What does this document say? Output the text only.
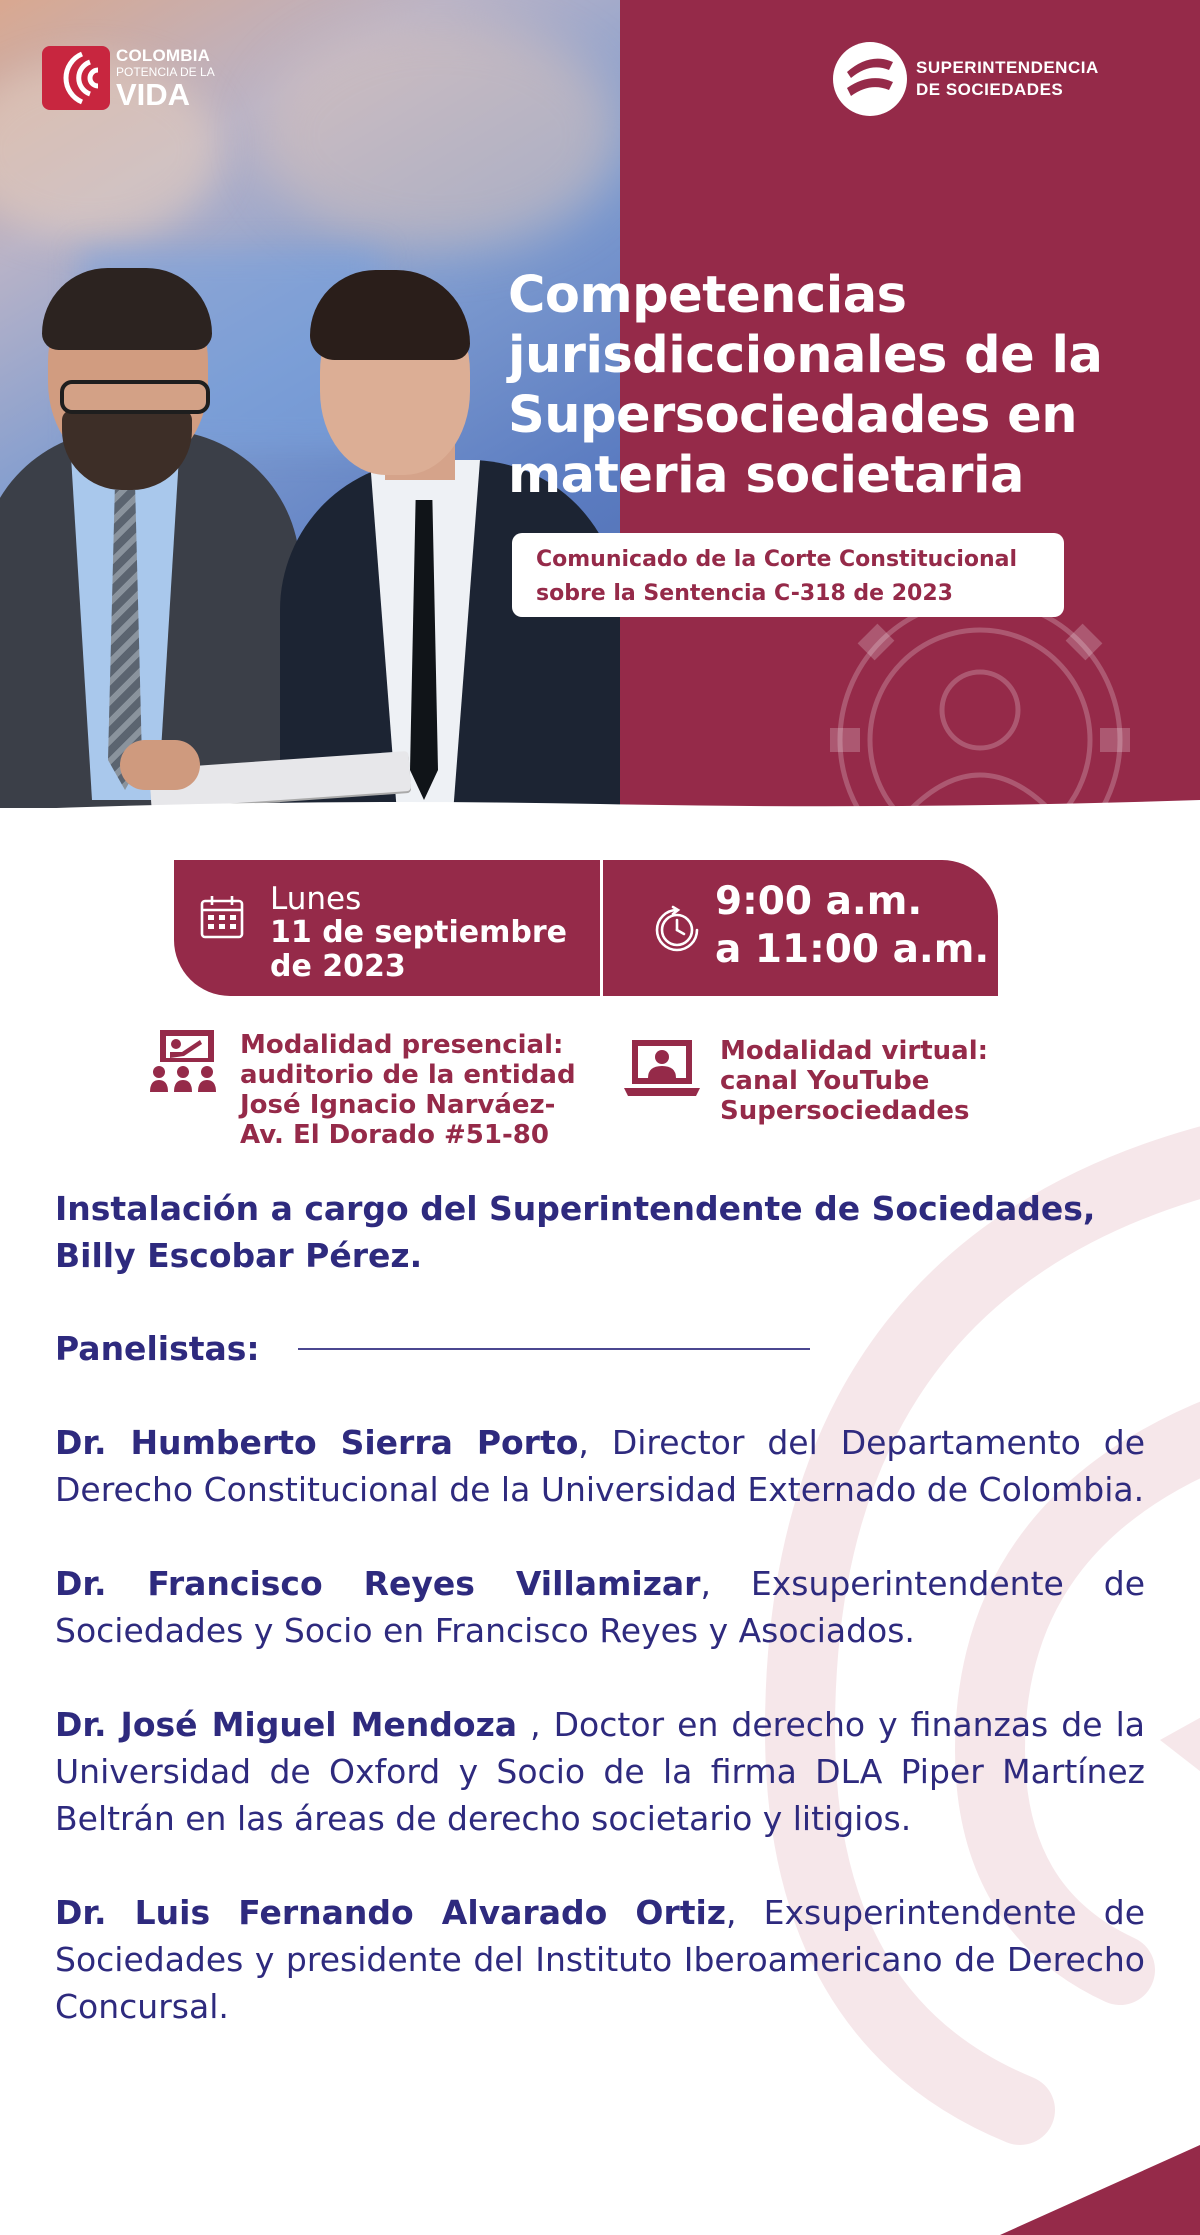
COLOMBIA
POTENCIA DE LA
VIDA
SUPERINTENDENCIA
DE SOCIEDADES
Competencias
jurisdiccionales de la
Supersociedades en
materia societaria
Comunicado de la Corte Constitucional
sobre la Sentencia C-318 de 2023
Lunes
11 de septiembre
de 2023
9:00 a.m.
a 11:00 a.m.
Modalidad presencial:
auditorio de la entidad
José Ignacio Narváez-
Av. El Dorado #51-80
Modalidad virtual:
canal YouTube
Supersociedades
Instalación a cargo del Superintendente de Sociedades, Billy Escobar Pérez.
Panelistas:

Dr. Humberto Sierra Porto, Director del Departamento de Derecho Constitucional de la Universidad Externado de Colombia.

Dr. Francisco Reyes Villamizar, Exsuperintendente de Sociedades y Socio en Francisco Reyes y Asociados.

Dr. José Miguel Mendoza , Doctor en derecho y finanzas de la Universidad de Oxford y Socio de la firma DLA Piper Martínez Beltrán en las áreas de derecho societario y litigios.

Dr. Luis Fernando Alvarado Ortiz, Exsuperintendente de Sociedades y presidente del Instituto Iberoamericano de Derecho Concursal.
